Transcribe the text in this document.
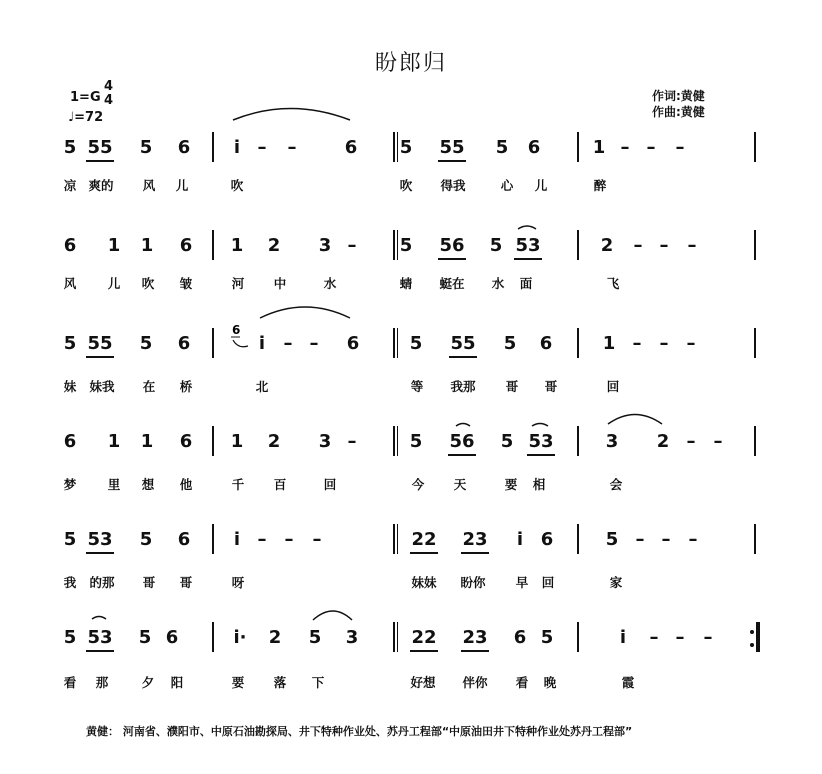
盼郎归
1=G
4
4
♩=72
作词:黄健
作曲:黄健
5 55 5 6 i – –	6 5 55 5 6	1 – – –
凉 爽的 风 儿	吹	吹 得我	心 儿	醉
6 1 1 6 1 2 3 – 5 56 5 53	2 – – –
风	儿 吹 皱	河 中	水	蜻 蜓在 水 面	飞
5 55 5 6	i – – 6	5 55 5 6	1 – – –
妹 妹我 在 桥	北	等 我那 哥 哥	回
6 1 1 6 1 2 3 –	5 56 5 53	3 2 – –
梦	里 想 他	千 百	回	今 天	要 相	会
5 53 5 6 i – – –	22 23 i 6	5 – – –
我 的那 哥 哥	呀	妹妹 盼你 早 回	家
5 53 5 6	i· 2 5 3	22 23 6 5	i – – –
看 那	夕 阳	要 落 下	好想 伴你 看 晚	霞
6
黄健： 河南省、濮阳市、中原石油勘探局、井下特种作业处、苏丹工程部“中原油田井下特种作业处苏丹工程部”
